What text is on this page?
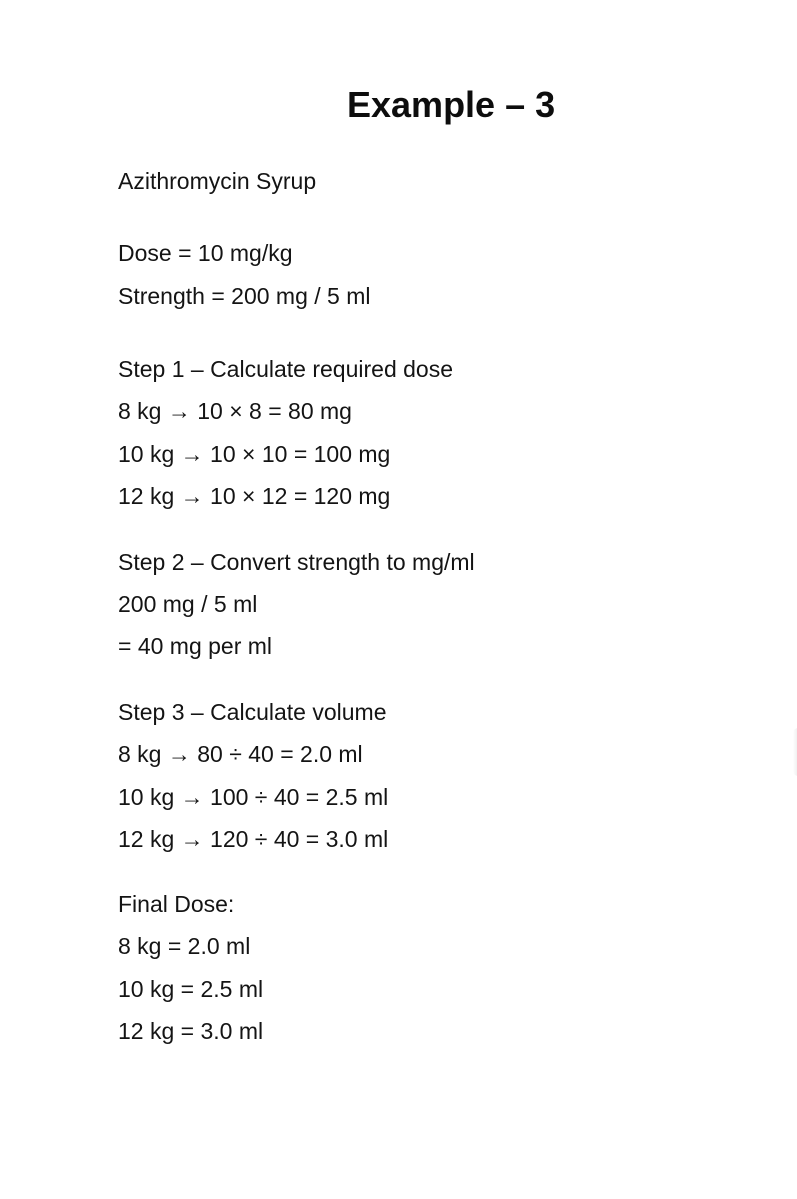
Example – 3
Azithromycin Syrup
Dose = 10 mg/kg
Strength = 200 mg / 5 ml
Step 1 – Calculate required dose
8 kg → 10 × 8 = 80 mg
10 kg → 10 × 10 = 100 mg
12 kg → 10 × 12 = 120 mg
Step 2 – Convert strength to mg/ml
200 mg / 5 ml
= 40 mg per ml
Step 3 – Calculate volume
8 kg → 80 ÷ 40 = 2.0 ml
10 kg → 100 ÷ 40 = 2.5 ml
12 kg → 120 ÷ 40 = 3.0 ml
Final Dose:
8 kg = 2.0 ml
10 kg = 2.5 ml
12 kg = 3.0 ml
